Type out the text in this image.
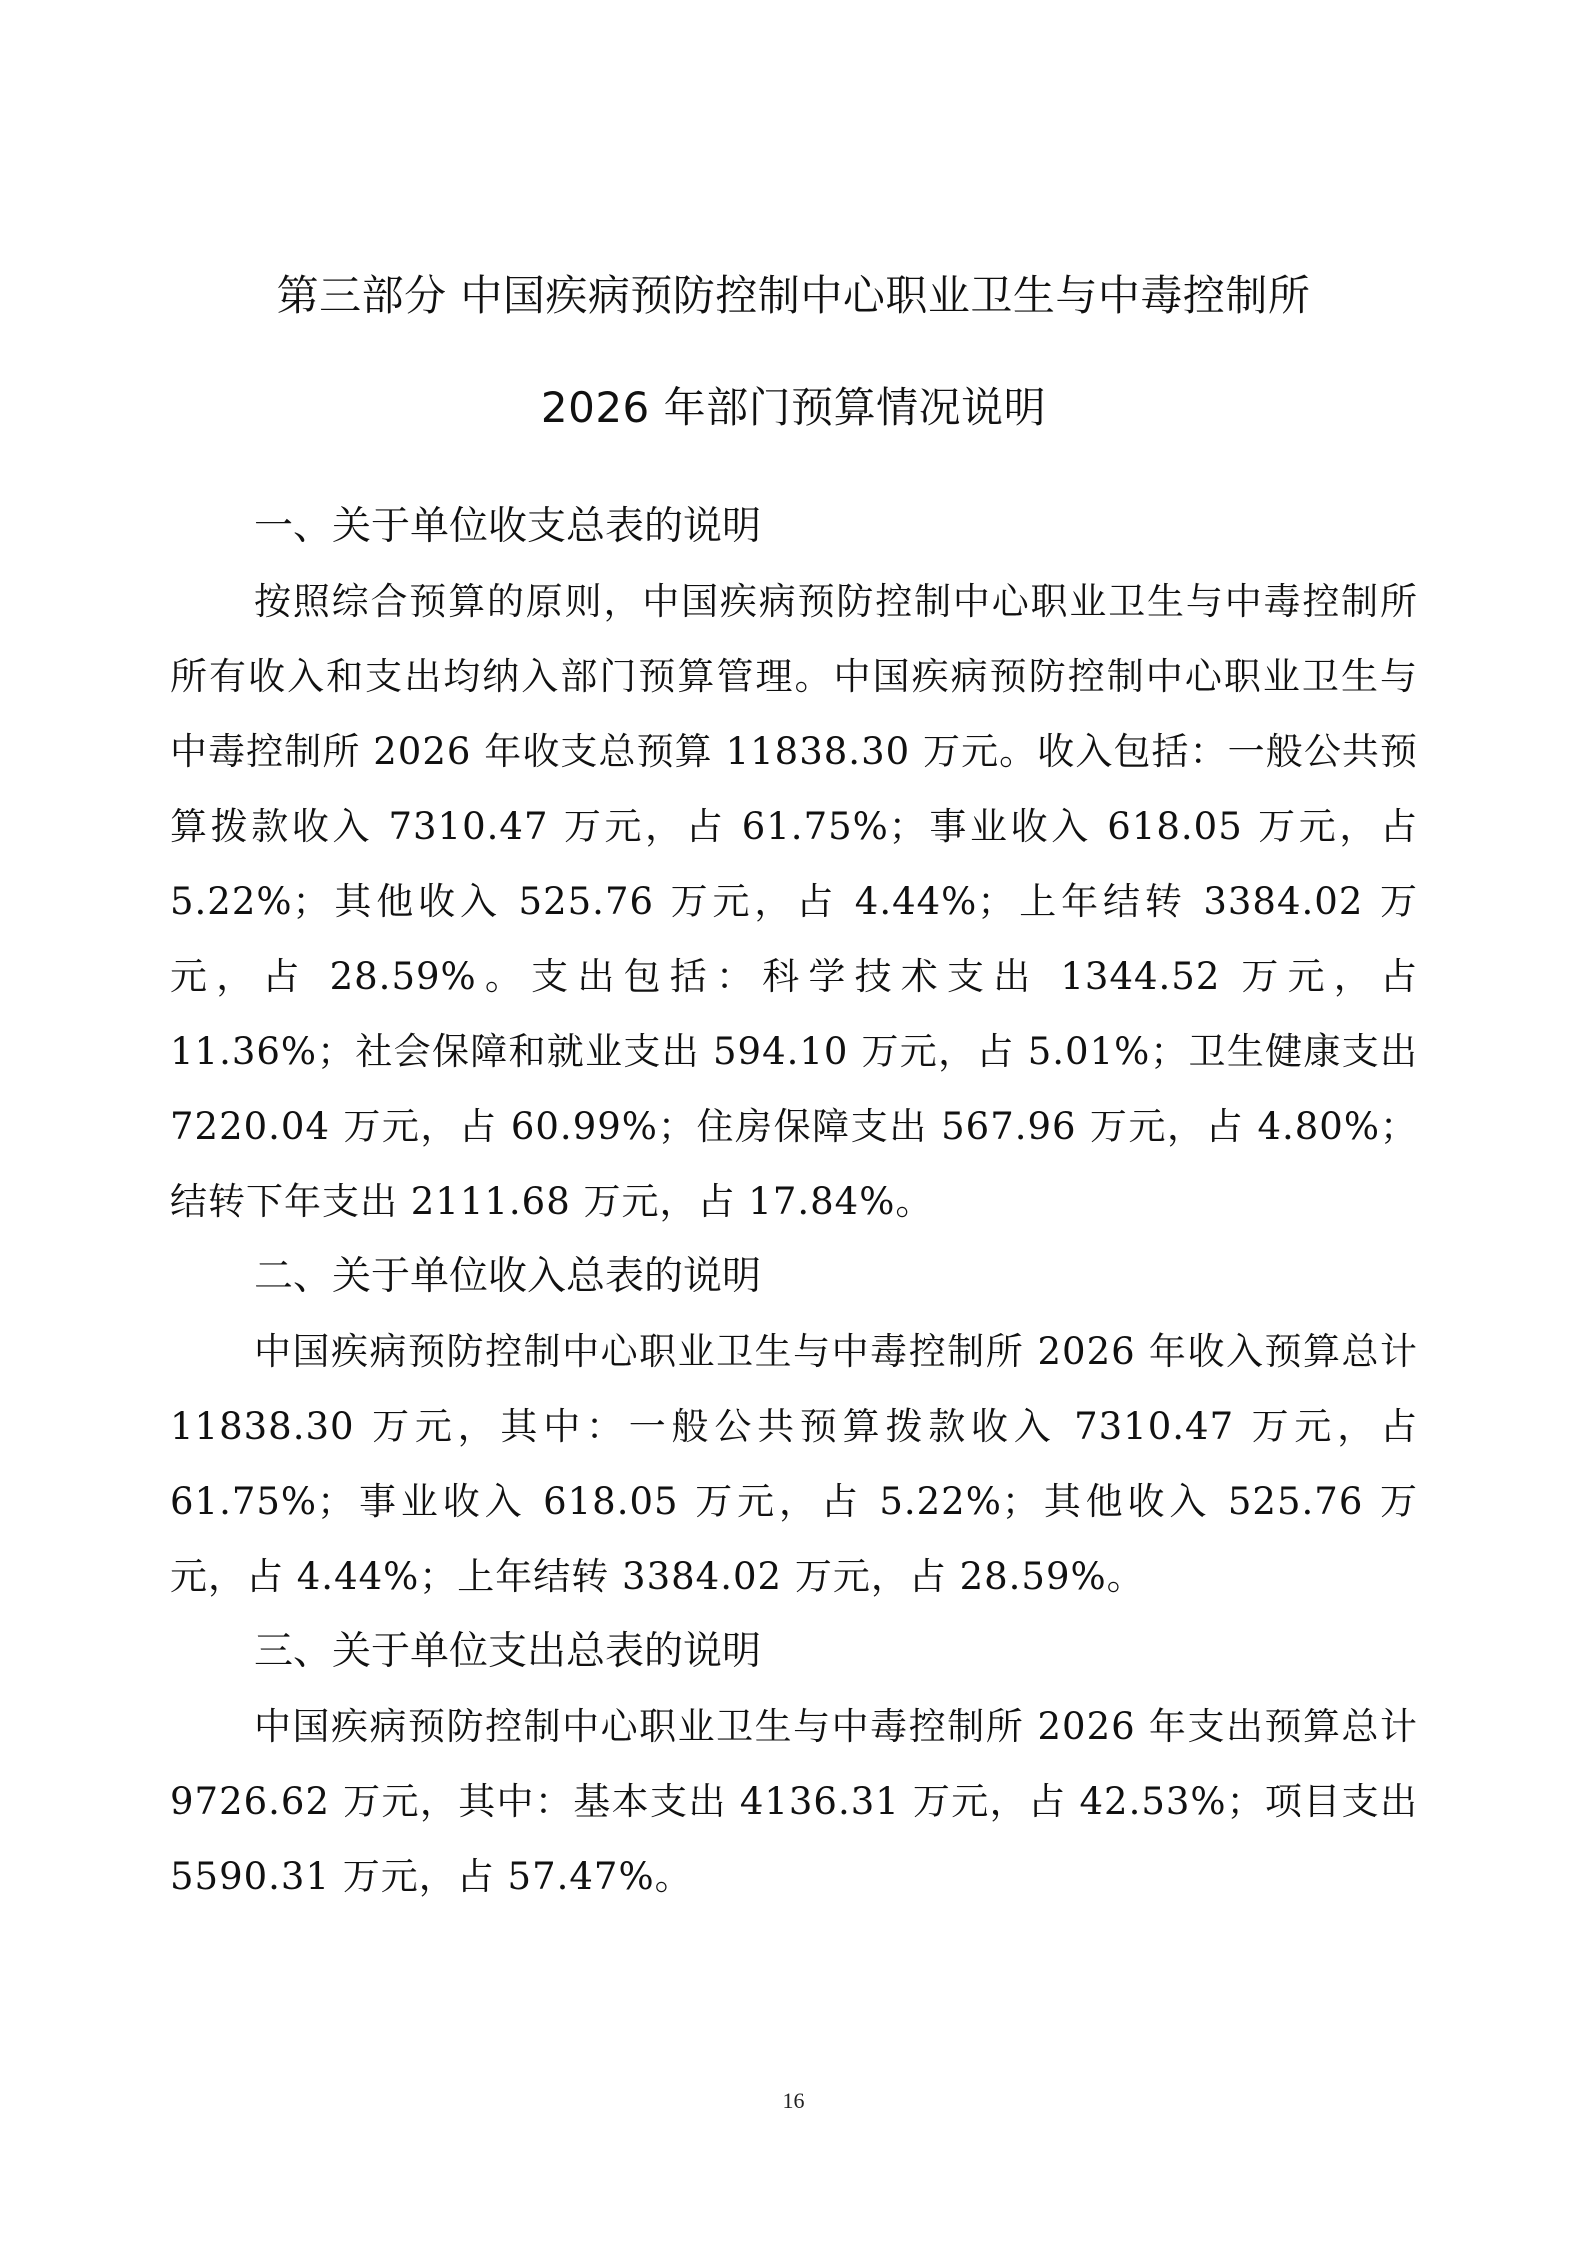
第三部分 中国疾病预防控制中心职业卫生与中毒控制所
2026 年部门预算情况说明
一、关于单位收支总表的说明

按照综合预算的原则，中国疾病预防控制中心职业卫生与中毒控制所所有收入和支出均纳入部门预算管理。中国疾病预防控制中心职业卫生与中毒控制所 2026 年收支总预算 11838.30 万元。收入包括：一般公共预算拨款收入 7310.47 万元，占 61.75%；事业收入 618.05 万元，占 5.22%；其他收入 525.76 万元，占 4.44%；上年结转 3384.02 万元，占 28.59%。支出包括：科学技术支出 1344.52 万元，占 11.36%；社会保障和就业支出 594.10 万元，占 5.01%；卫生健康支出 7220.04 万元，占 60.99%；住房保障支出 567.96 万元，占 4.80%；结转下年支出 2111.68 万元，占 17.84%。

二、关于单位收入总表的说明

中国疾病预防控制中心职业卫生与中毒控制所 2026 年收入预算总计 11838.30 万元，其中：一般公共预算拨款收入 7310.47 万元，占 61.75%；事业收入 618.05 万元，占 5.22%；其他收入 525.76 万元，占 4.44%；上年结转 3384.02 万元，占 28.59%。

三、关于单位支出总表的说明

中国疾病预防控制中心职业卫生与中毒控制所 2026 年支出预算总计 9726.62 万元，其中：基本支出 4136.31 万元，占 42.53%；项目支出 5590.31 万元，占 57.47%。

16
